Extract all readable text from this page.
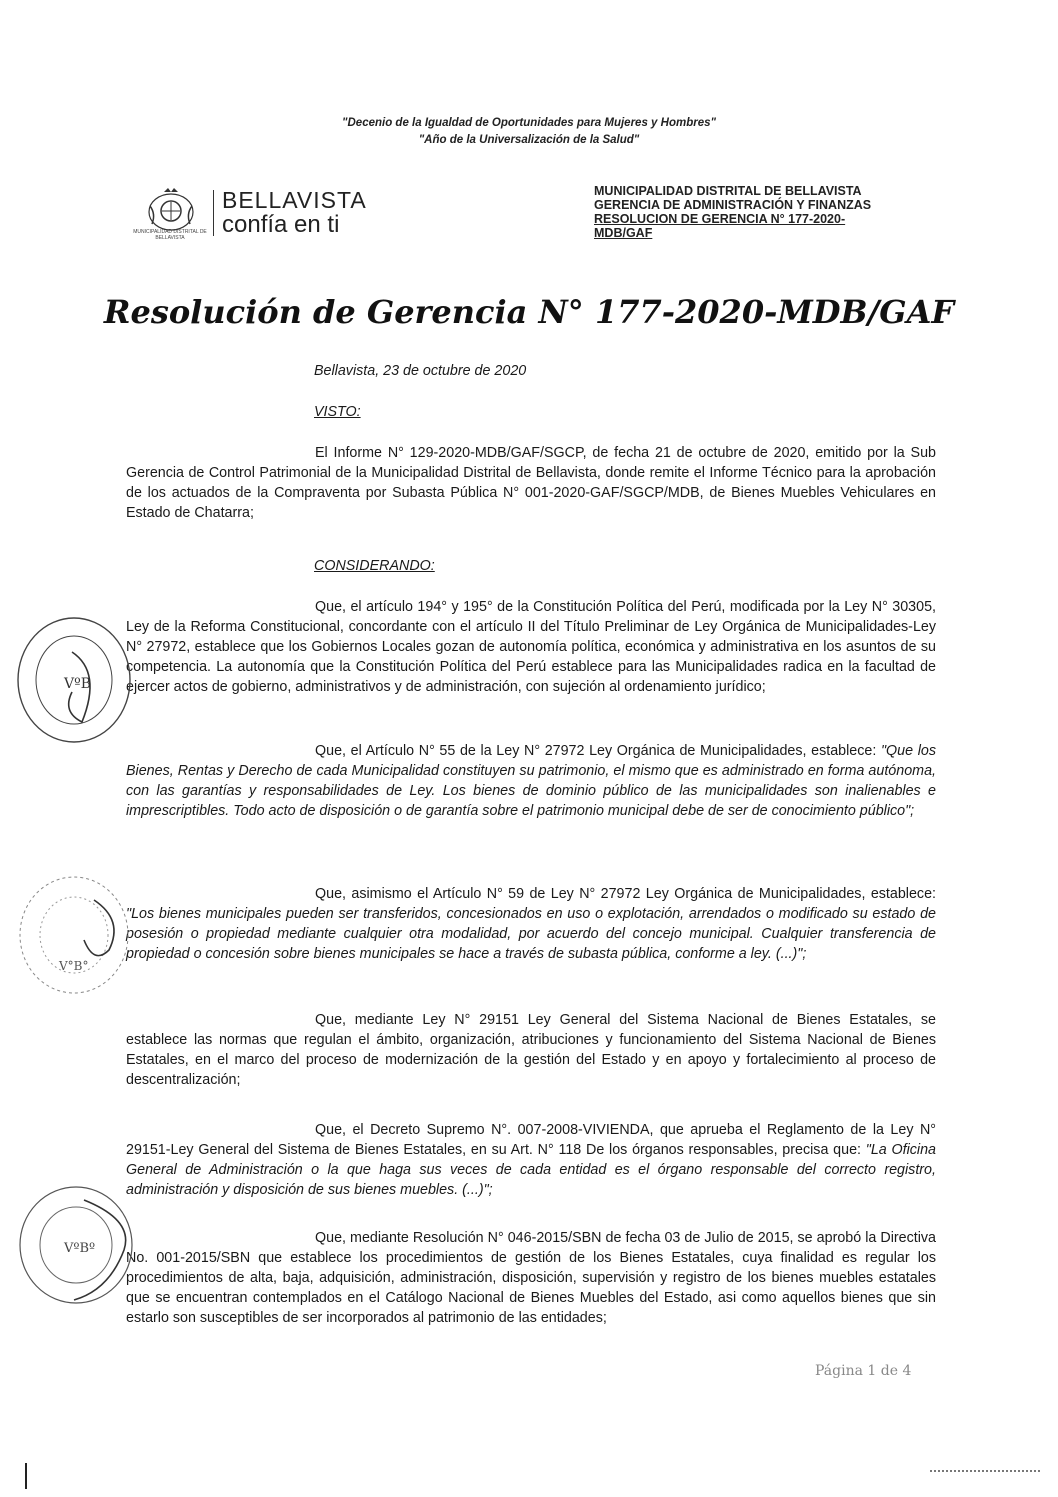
"Decenio de la Igualdad de Oportunidades para Mujeres y Hombres"
"Año de la Universalización de la Salud"
MUNICIPALIDAD DISTRITAL DE BELLAVISTA
BELLAVISTA
confía en ti
MUNICIPALIDAD DISTRITAL DE BELLAVISTA
GERENCIA DE ADMINISTRACIÓN Y FINANZAS
RESOLUCION DE GERENCIA N° 177-2020-MDB/GAF
Resolución de Gerencia N° 177-2020-MDB/GAF
Bellavista, 23 de octubre de 2020
VISTO:
El Informe N° 129-2020-MDB/GAF/SGCP, de fecha 21 de octubre de 2020, emitido por la Sub Gerencia de Control Patrimonial de la Municipalidad Distrital de Bellavista, donde remite el Informe Técnico para la aprobación de los actuados de la Compraventa por Subasta Pública N° 001-2020-GAF/SGCP/MDB, de Bienes Muebles Vehiculares en Estado de Chatarra;
CONSIDERANDO:
Que, el artículo 194° y 195° de la Constitución Política del Perú, modificada por la Ley N° 30305, Ley de la Reforma Constitucional, concordante con el artículo II del Título Preliminar de Ley Orgánica de Municipalidades-Ley N° 27972, establece que los Gobiernos Locales gozan de autonomía política, económica y administrativa en los asuntos de su competencia. La autonomía que la Constitución Política del Perú establece para las Municipalidades radica en la facultad de ejercer actos de gobierno, administrativos y de administración, con sujeción al ordenamiento jurídico;
Que, el Artículo N° 55 de la Ley N° 27972 Ley Orgánica de Municipalidades, establece: "Que los Bienes, Rentas y Derecho de cada Municipalidad constituyen su patrimonio, el mismo que es administrado en forma autónoma, con las garantías y responsabilidades de Ley. Los bienes de dominio público de las municipalidades son inalienables e imprescriptibles. Todo acto de disposición o de garantía sobre el patrimonio municipal debe de ser de conocimiento público";
Que, asimismo el Artículo N° 59 de Ley N° 27972 Ley Orgánica de Municipalidades, establece: "Los bienes municipales pueden ser transferidos, concesionados en uso o explotación, arrendados o modificado su estado de posesión o propiedad mediante cualquier otra modalidad, por acuerdo del concejo municipal. Cualquier transferencia de propiedad o concesión sobre bienes municipales se hace a través de subasta pública, conforme a ley. (...)";
Que, mediante Ley N° 29151 Ley General del Sistema Nacional de Bienes Estatales, se establece las normas que regulan el ámbito, organización, atribuciones y funcionamiento del Sistema Nacional de Bienes Estatales, en el marco del proceso de modernización de la gestión del Estado y en apoyo y fortalecimiento al proceso de descentralización;
Que, el Decreto Supremo N°. 007-2008-VIVIENDA, que aprueba el Reglamento de la Ley N° 29151-Ley General del Sistema de Bienes Estatales, en su Art. N° 118 De los órganos responsables, precisa que: "La Oficina General de Administración o la que haga sus veces de cada entidad es el órgano responsable del correcto registro, administración y disposición de sus bienes muebles. (...)";
Que, mediante Resolución N° 046-2015/SBN de fecha 03 de Julio de 2015, se aprobó la Directiva No. 001-2015/SBN que establece los procedimientos de gestión de los Bienes Estatales, cuya finalidad es regular los procedimientos de alta, baja, adquisición, administración, disposición, supervisión y registro de los bienes muebles estatales que se encuentran contemplados en el Catálogo Nacional de Bienes Muebles del Estado, asi como aquellos bienes que sin estarlo son susceptibles de ser incorporados al patrimonio de las entidades;
Página 1 de 4
VºB
V°B°
VºBº
